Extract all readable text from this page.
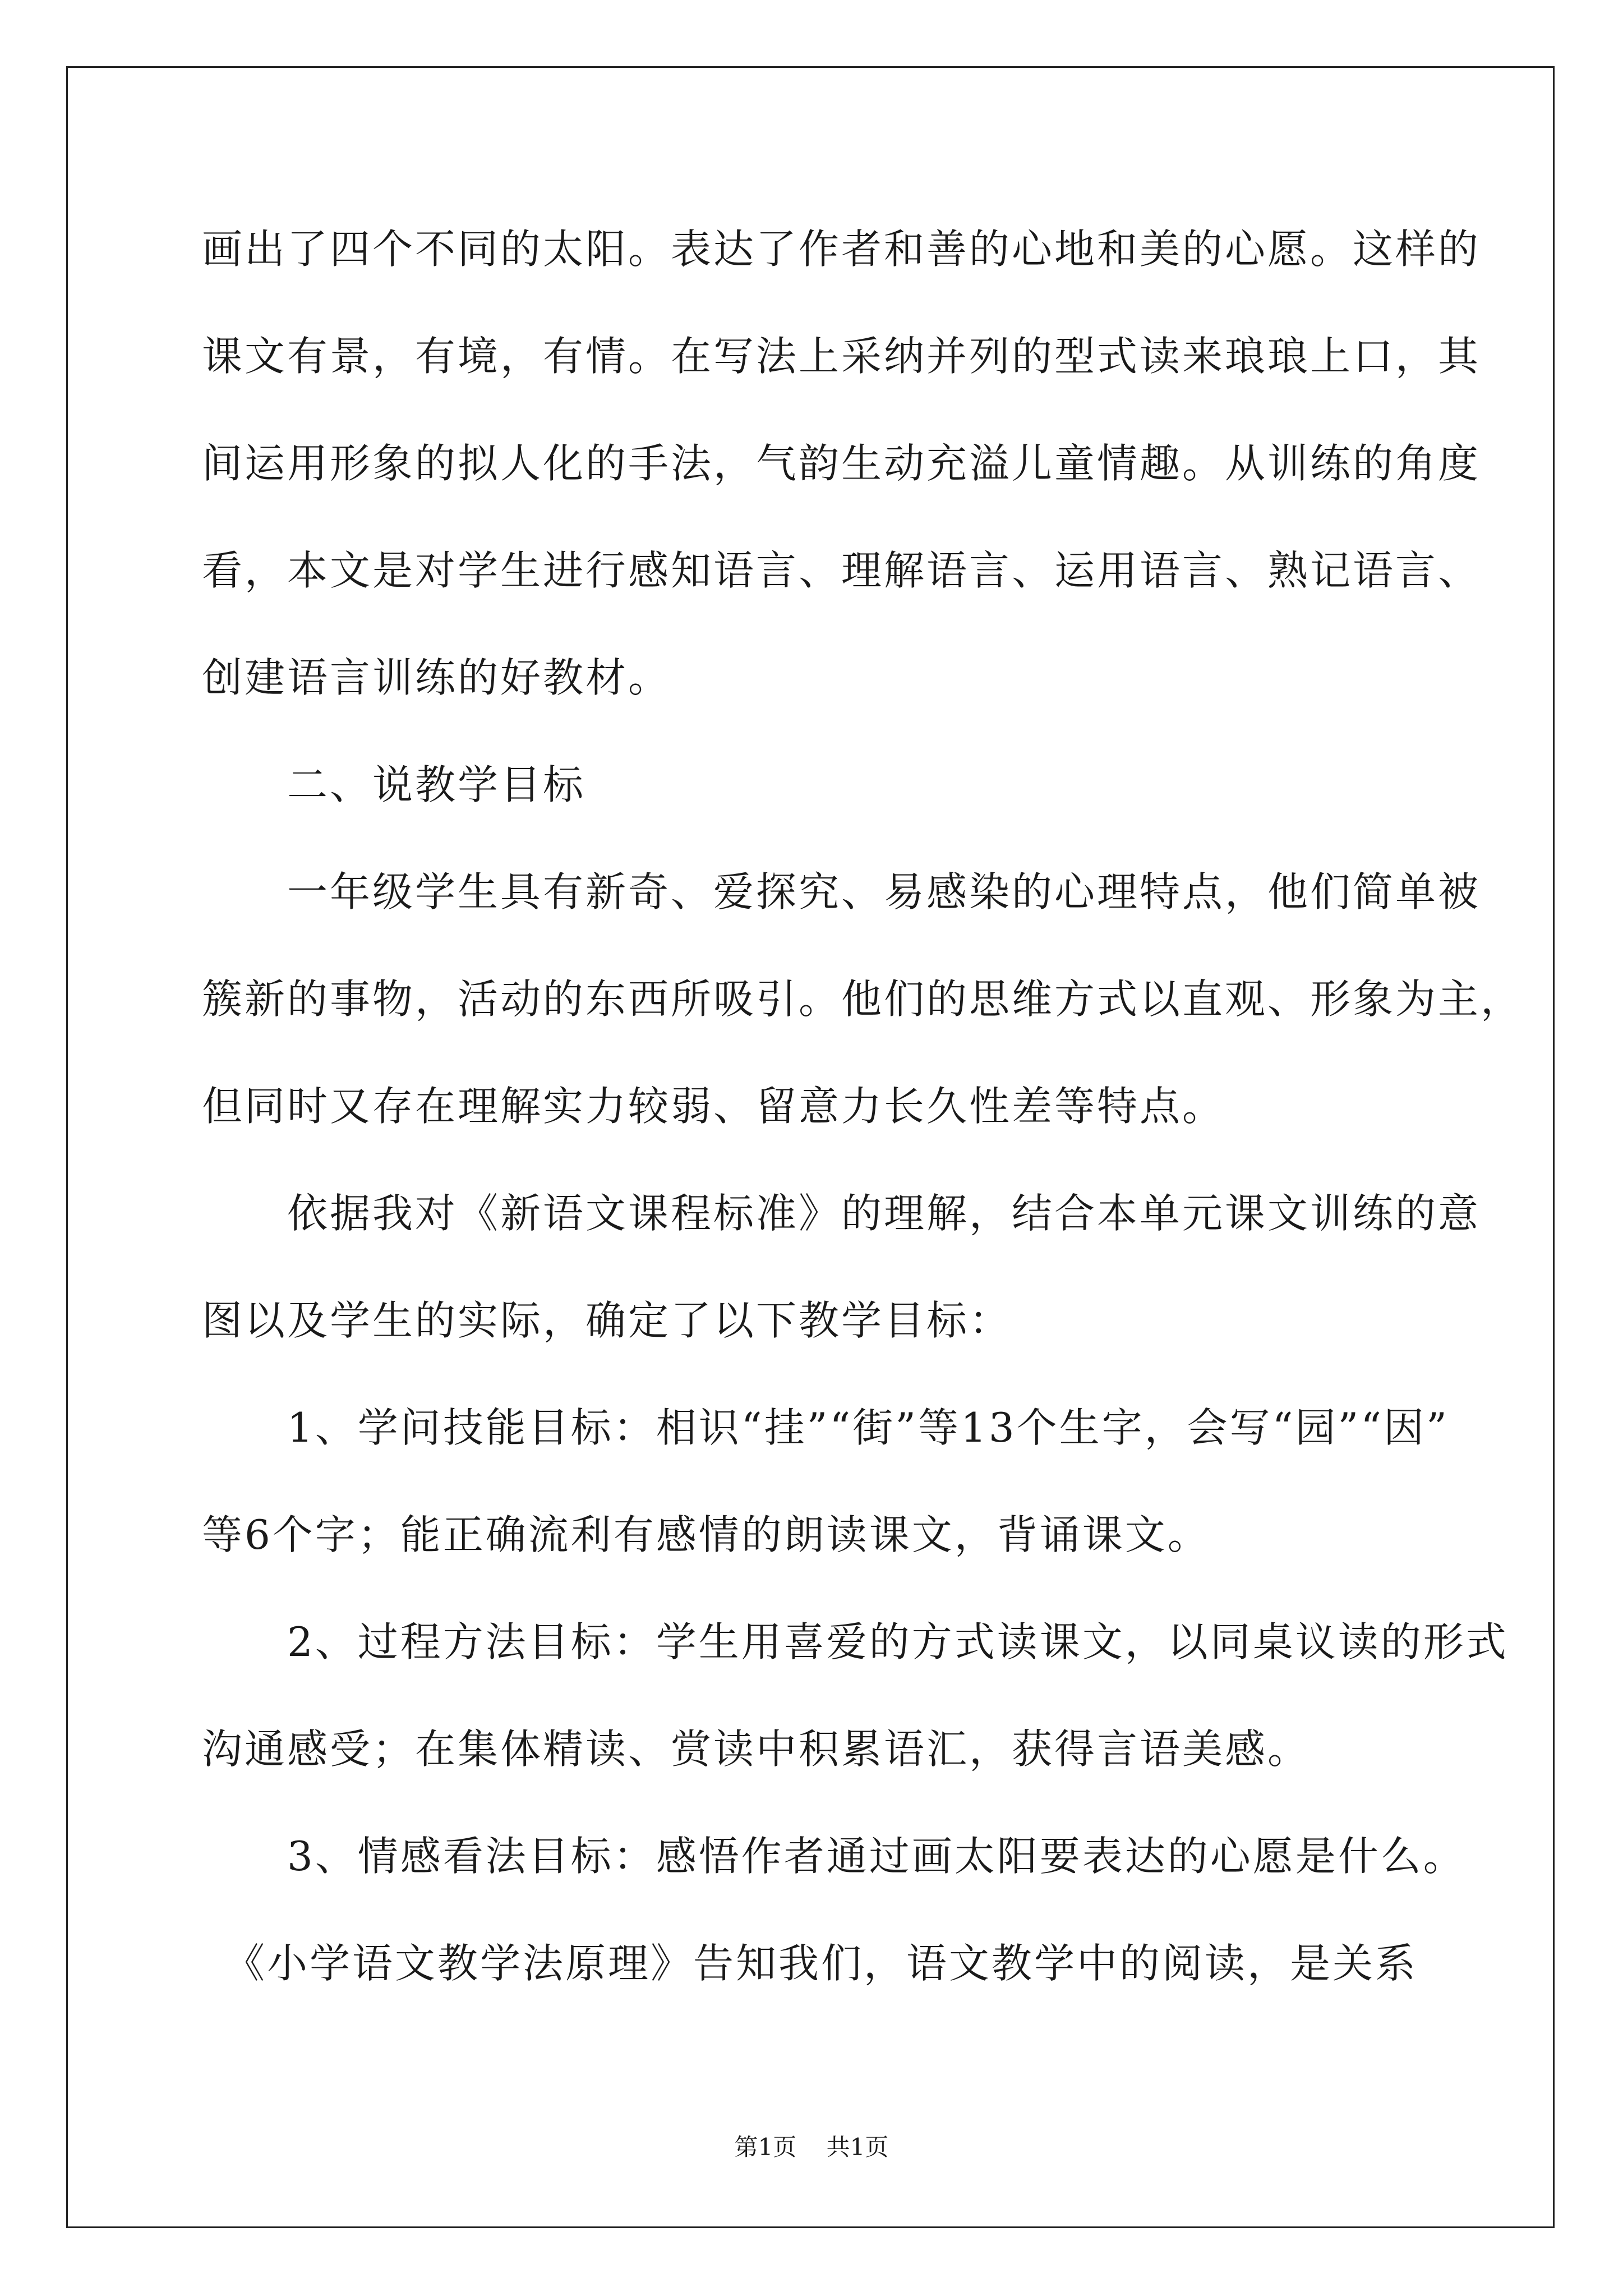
画出了四个不同的太阳。表达了作者和善的心地和美的心愿。这样的
课文有景，有境，有情。在写法上采纳并列的型式读来琅琅上口，其
间运用形象的拟人化的手法，气韵生动充溢儿童情趣。从训练的角度
看，本文是对学生进行感知语言、理解语言、运用语言、熟记语言、
创建语言训练的好教材。
　　二、说教学目标
　　一年级学生具有新奇、爱探究、易感染的心理特点，他们简单被
簇新的事物，活动的东西所吸引。他们的思维方式以直观、形象为主，
但同时又存在理解实力较弱、留意力长久性差等特点。
　　依据我对《新语文课程标准》的理解，结合本单元课文训练的意
图以及学生的实际，确定了以下教学目标：
　　1、学问技能目标：相识“挂”“街”等13个生字，会写“园”“因”
等6个字；能正确流利有感情的朗读课文，背诵课文。
　　2、过程方法目标：学生用喜爱的方式读课文，以同桌议读的形式
沟通感受；在集体精读、赏读中积累语汇，获得言语美感。
　　3、情感看法目标：感悟作者通过画太阳要表达的心愿是什么。
　《小学语文教学法原理》告知我们，语文教学中的阅读，是关系
第1页 共1页
